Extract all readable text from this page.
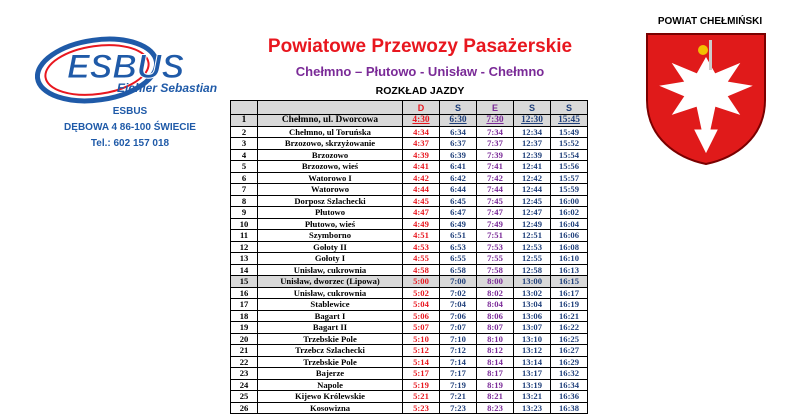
ESBUS
Eichler Sebastian
ESBUS
DĘBOWA 4 86-100 ŚWIECIE
Tel.: 602 157 018
Powiatowe Przewozy Pasażerskie
Chełmno – Płutowo - Unisław - Chełmno
ROZKŁAD JAZDY
POWIAT CHEŁMIŃSKI
		D	S	E	S	S
1	Chełmno, ul. Dworcowa	4:30	6:30	7:30	12:30	15:45
2	Chełmno, ul Toruńska	4:34	6:34	7:34	12:34	15:49
3	Brzozowo, skrzyżowanie	4:37	6:37	7:37	12:37	15:52
4	Brzozowo	4:39	6:39	7:39	12:39	15:54
5	Brzozowo, wieś	4:41	6:41	7:41	12:41	15:56
6	Watorowo I	4:42	6:42	7:42	12:42	15:57
7	Watorowo	4:44	6:44	7:44	12:44	15:59
8	Dorposz Szlachecki	4:45	6:45	7:45	12:45	16:00
9	Płutowo	4:47	6:47	7:47	12:47	16:02
10	Płutowo, wieś	4:49	6:49	7:49	12:49	16:04
11	Szymborno	4:51	6:51	7:51	12:51	16:06
12	Gołoty II	4:53	6:53	7:53	12:53	16:08
13	Gołoty I	4:55	6:55	7:55	12:55	16:10
14	Unisław, cukrownia	4:58	6:58	7:58	12:58	16:13
15	Unisław, dworzec (Lipowa)	5:00	7:00	8:00	13:00	16:15
16	Unisław, cukrownia	5:02	7:02	8:02	13:02	16:17
17	Stablewice	5:04	7:04	8:04	13:04	16:19
18	Bagart I	5:06	7:06	8:06	13:06	16:21
19	Bagart II	5:07	7:07	8:07	13:07	16:22
20	Trzebskie Pole	5:10	7:10	8:10	13:10	16:25
21	Trzebcz Szlachecki	5:12	7:12	8:12	13:12	16:27
22	Trzebskie Pole	5:14	7:14	8:14	13:14	16:29
23	Bajerze	5:17	7:17	8:17	13:17	16:32
24	Napole	5:19	7:19	8:19	13:19	16:34
25	Kijewo Królewskie	5:21	7:21	8:21	13:21	16:36
26	Kosowizna	5:23	7:23	8:23	13:23	16:38
